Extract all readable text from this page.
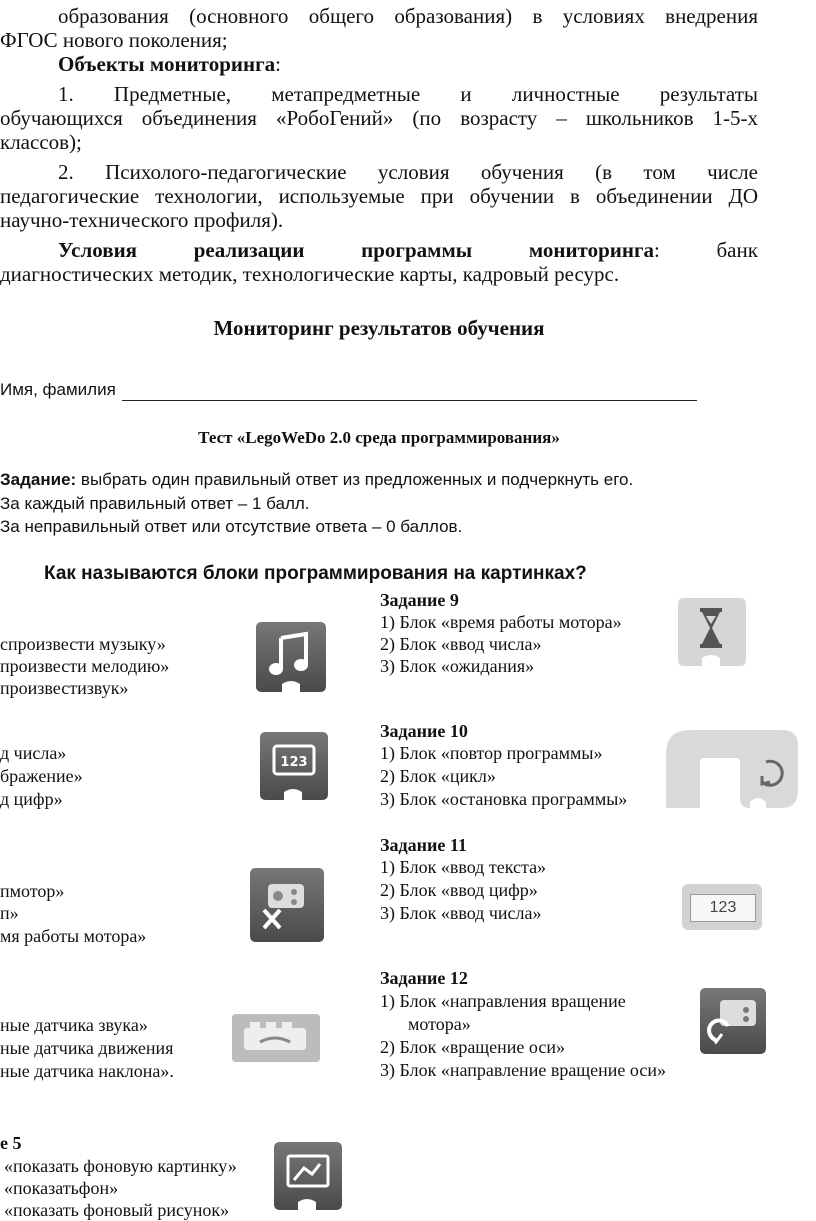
образования (основного общего образования) в условиях внедрения
ФГОС нового поколения;
Объекты мониторинга:
1. Предметные, метапредметные и личностные результаты
обучающихся объединения «РобоГений» (по возрасту – школьников 1-5-х
классов);
2. Психолого-педагогические условия обучения (в том числе
педагогические технологии, используемые при обучении в объединении ДО
научно-технического профиля).
Условия	реализации	программы	мониторинга:	банк
диагностических методик, технологические карты, кадровый ресурс.
Мониторинг результатов обучения
Имя, фамилия
Тест «LegoWeDo 2.0 среда программирования»
Задание: выбрать один правильный ответ из предложенных и подчеркнуть его.
За каждый правильный ответ – 1 балл.
За неправильный ответ или отсутствие ответа – 0 баллов.
Как называются блоки программирования на картинках?
спроизвести музыку»
произвести мелодию»
произвестизвук»
д числа»
бражение»
д цифр»
пмотор»
п»
мя работы мотора»
ные датчика звука»
ные датчика движения
ные датчика наклона».
е 5
«показать фоновую картинку»
«показатьфон»
«показать фоновый рисунок»
123
Задание 9
1) Блок «время работы мотора»
2) Блок «ввод числа»
3) Блок «ожидания»
Задание 10
1) Блок «повтор программы»
2) Блок «цикл»
3) Блок «остановка программы»
Задание 11
1) Блок «ввод текста»
2) Блок «ввод цифр»
3) Блок «ввод числа»
Задание 12
1) Блок «направления вращение
мотора»
2) Блок «вращение оси»
3) Блок «направление вращение оси»
123
